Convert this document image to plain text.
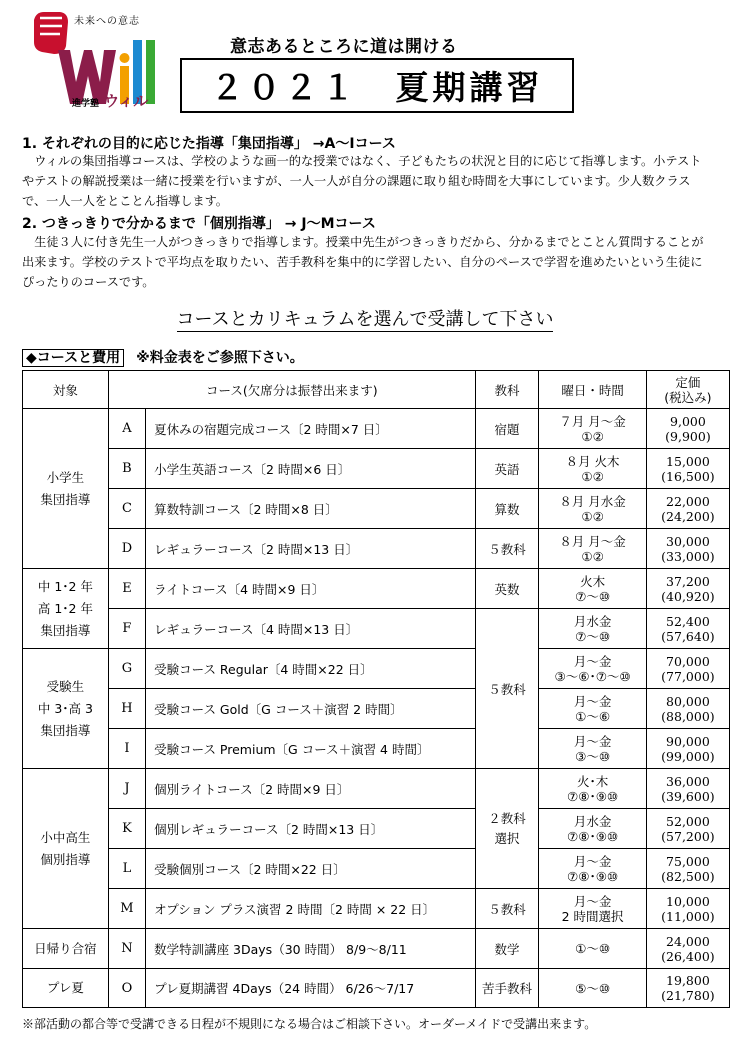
未来への意志
進学塾 ウィル
意志あるところに道は開ける
２０２１　夏期講習
1. それぞれの目的に応じた指導「集団指導」 →A～Iコース
ウィルの集団指導コースは、学校のような画一的な授業ではなく、子どもたちの状況と目的に応じて指導します。小テストやテストの解説授業は一緒に授業を行いますが、一人一人が自分の課題に取り組む時間を大事にしています。少人数クラスで、一人一人をとことん指導します。
2. つきっきりで分かるまで「個別指導」 → J～Mコース
生徒３人に付き先生一人がつきっきりで指導します。授業中先生がつきっきりだから、分かるまでとことん質問することが出来ます。学校のテストで平均点を取りたい、苦手教科を集中的に学習したい、自分のペースで学習を進めたいという生徒にぴったりのコースです。
コースとカリキュラムを選んで受講して下さい
◆コースと費用 ※料金表をご参照下さい。
対象	コース(欠席分は振替出来ます)		教科	曜日・時間	定価
(税込み)
小学生
集団指導	A	夏休みの宿題完成コース〔2 時間×7 日〕	宿題	７月 月～金
①②	9,000
(9,900)
	B	小学生英語コース〔2 時間×6 日〕	英語	８月 火木
①②	15,000
(16,500)
	C	算数特訓コース〔2 時間×8 日〕	算数	８月 月水金
①②	22,000
(24,200)
	D	レギュラーコース〔2 時間×13 日〕	５教科	８月 月～金
①②	30,000
(33,000)
中 1･2 年
高 1･2 年
集団指導	E	ライトコース〔4 時間×9 日〕	英数	火木
⑦～⑩	37,200
(40,920)
	F	レギュラーコース〔4 時間×13 日〕	５教科	月水金
⑦～⑩	52,400
(57,640)
受験生
中 3･高 3
集団指導	G	受験コース Regular〔4 時間×22 日〕		月～金
③～⑥･⑦～⑩	70,000
(77,000)
	H	受験コース Gold〔G コース＋演習 2 時間〕		月～金
①～⑥	80,000
(88,000)
	I	受験コース Premium〔G コース＋演習 4 時間〕		月～金
③～⑩	90,000
(99,000)
小中高生
個別指導	J	個別ライトコース〔2 時間×9 日〕	２教科
選択	火･木
⑦⑧･⑨⑩	36,000
(39,600)
	K	個別レギュラーコース〔2 時間×13 日〕		月水金
⑦⑧･⑨⑩	52,000
(57,200)
	L	受験個別コース〔2 時間×22 日〕		月～金
⑦⑧･⑨⑩	75,000
(82,500)
	M	オプション プラス演習 2 時間〔2 時間 × 22 日〕	５教科	月～金
2 時間選択	10,000
(11,000)
日帰り合宿	N	数学特訓講座 3Days（30 時間） 8/9～8/11	数学	①～⑩	24,000
(26,400)
プレ夏	O	プレ夏期講習 4Days（24 時間） 6/26～7/17	苦手教科	⑤～⑩	19,800
(21,780)
※部活動の都合等で受講できる日程が不規則になる場合はご相談下さい。オーダーメイドで受講出来ます。
